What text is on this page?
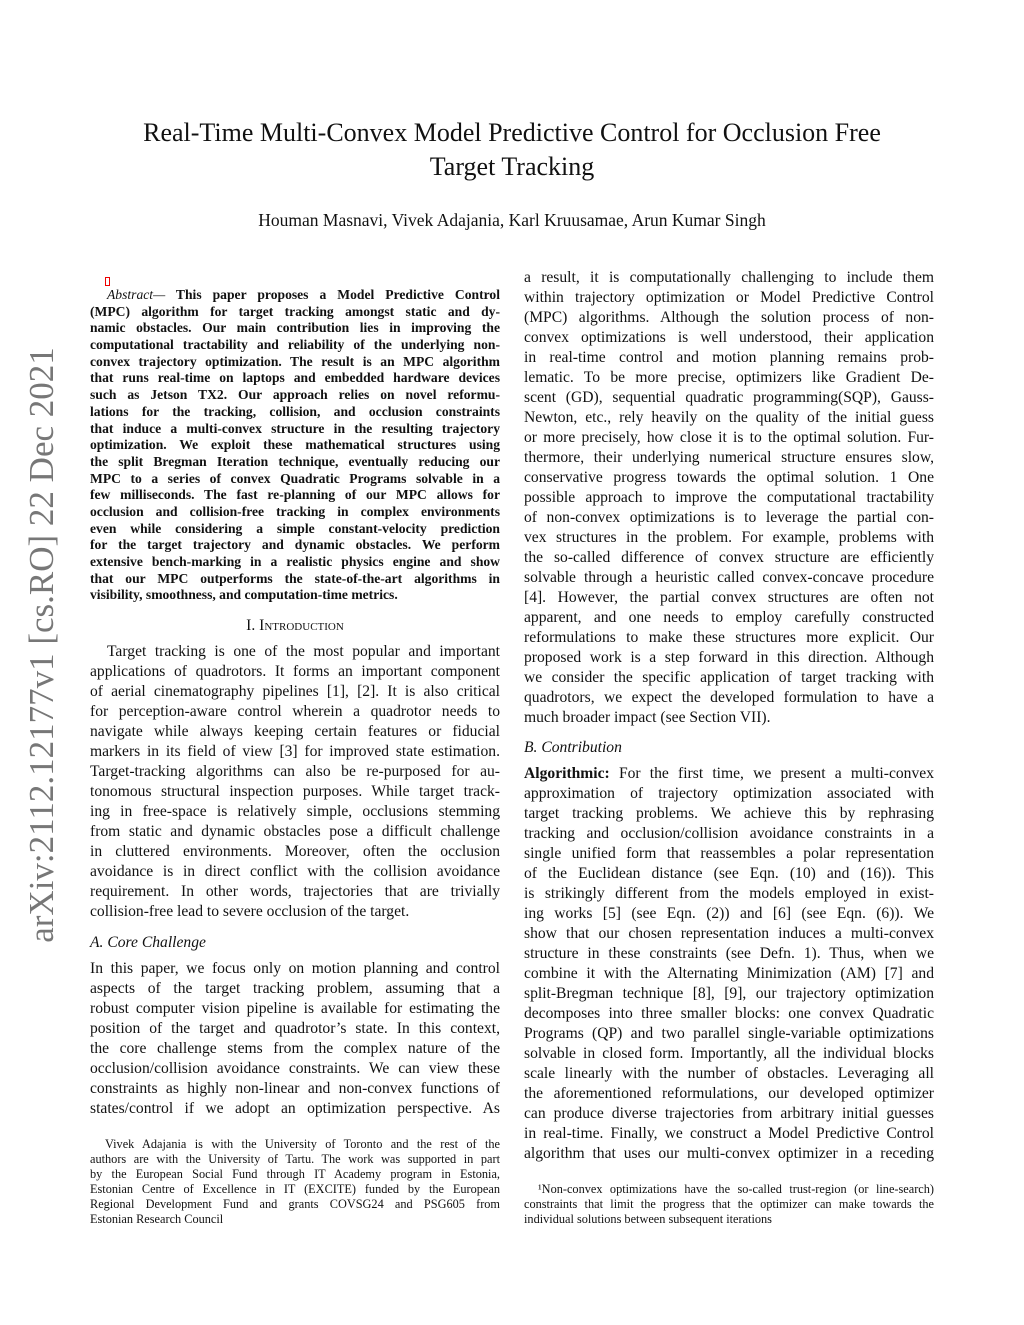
Real-Time Multi-Convex Model Predictive Control for Occlusion Free
Target Tracking
Houman Masnavi, Vivek Adajania, Karl Kruusamae, Arun Kumar Singh
arXiv:2112.12177v1 [cs.RO] 22 Dec 2021
Abstract— This paper proposes a Model Predictive Control
(MPC) algorithm for target tracking amongst static and dy-
namic obstacles. Our main contribution lies in improving the
computational tractability and reliability of the underlying non-
convex trajectory optimization. The result is an MPC algorithm
that runs real-time on laptops and embedded hardware devices
such as Jetson TX2. Our approach relies on novel reformu-
lations for the tracking, collision, and occlusion constraints
that induce a multi-convex structure in the resulting trajectory
optimization. We exploit these mathematical structures using
the split Bregman Iteration technique, eventually reducing our
MPC to a series of convex Quadratic Programs solvable in a
few milliseconds. The fast re-planning of our MPC allows for
occlusion and collision-free tracking in complex environments
even while considering a simple constant-velocity prediction
for the target trajectory and dynamic obstacles. We perform
extensive bench-marking in a realistic physics engine and show
that our MPC outperforms the state-of-the-art algorithms in
visibility, smoothness, and computation-time metrics.
I. Introduction
Target tracking is one of the most popular and important
applications of quadrotors. It forms an important component
of aerial cinematography pipelines [1], [2]. It is also critical
for perception-aware control wherein a quadrotor needs to
navigate while always keeping certain features or fiducial
markers in its field of view [3] for improved state estimation.
Target-tracking algorithms can also be re-purposed for au-
tonomous structural inspection purposes. While target track-
ing in free-space is relatively simple, occlusions stemming
from static and dynamic obstacles pose a difficult challenge
in cluttered environments. Moreover, often the occlusion
avoidance is in direct conflict with the collision avoidance
requirement. In other words, trajectories that are trivially
collision-free lead to severe occlusion of the target.
A. Core Challenge
In this paper, we focus only on motion planning and control
aspects of the target tracking problem, assuming that a
robust computer vision pipeline is available for estimating the
position of the target and quadrotor’s state. In this context,
the core challenge stems from the complex nature of the
occlusion/collision avoidance constraints. We can view these
constraints as highly non-linear and non-convex functions of
states/control if we adopt an optimization perspective. As
Vivek Adajania is with the University of Toronto and the rest of the
authors are with the University of Tartu. The work was supported in part
by the European Social Fund through IT Academy program in Estonia,
Estonian Centre of Excellence in IT (EXCITE) funded by the European
Regional Development Fund and grants COVSG24 and PSG605 from
Estonian Research Council
a result, it is computationally challenging to include them
within trajectory optimization or Model Predictive Control
(MPC) algorithms. Although the solution process of non-
convex optimizations is well understood, their application
in real-time control and motion planning remains prob-
lematic. To be more precise, optimizers like Gradient De-
scent (GD), sequential quadratic programming(SQP), Gauss-
Newton, etc., rely heavily on the quality of the initial guess
or more precisely, how close it is to the optimal solution. Fur-
thermore, their underlying numerical structure ensures slow,
conservative progress towards the optimal solution. 1 One
possible approach to improve the computational tractability
of non-convex optimizations is to leverage the partial con-
vex structures in the problem. For example, problems with
the so-called difference of convex structure are efficiently
solvable through a heuristic called convex-concave procedure
[4]. However, the partial convex structures are often not
apparent, and one needs to employ carefully constructed
reformulations to make these structures more explicit. Our
proposed work is a step forward in this direction. Although
we consider the specific application of target tracking with
quadrotors, we expect the developed formulation to have a
much broader impact (see Section VII).
B. Contribution
Algorithmic: For the first time, we present a multi-convex
approximation of trajectory optimization associated with
target tracking problems. We achieve this by rephrasing
tracking and occlusion/collision avoidance constraints in a
single unified form that reassembles a polar representation
of the Euclidean distance (see Eqn. (10) and (16)). This
is strikingly different from the models employed in exist-
ing works [5] (see Eqn. (2)) and [6] (see Eqn. (6)). We
show that our chosen representation induces a multi-convex
structure in these constraints (see Defn. 1). Thus, when we
combine it with the Alternating Minimization (AM) [7] and
split-Bregman technique [8], [9], our trajectory optimization
decomposes into three smaller blocks: one convex Quadratic
Programs (QP) and two parallel single-variable optimizations
solvable in closed form. Importantly, all the individual blocks
scale linearly with the number of obstacles. Leveraging all
the aforementioned reformulations, our developed optimizer
can produce diverse trajectories from arbitrary initial guesses
in real-time. Finally, we construct a Model Predictive Control
algorithm that uses our multi-convex optimizer in a receding
¹Non-convex optimizations have the so-called trust-region (or line-search)
constraints that limit the progress that the optimizer can make towards the
individual solutions between subsequent iterations
